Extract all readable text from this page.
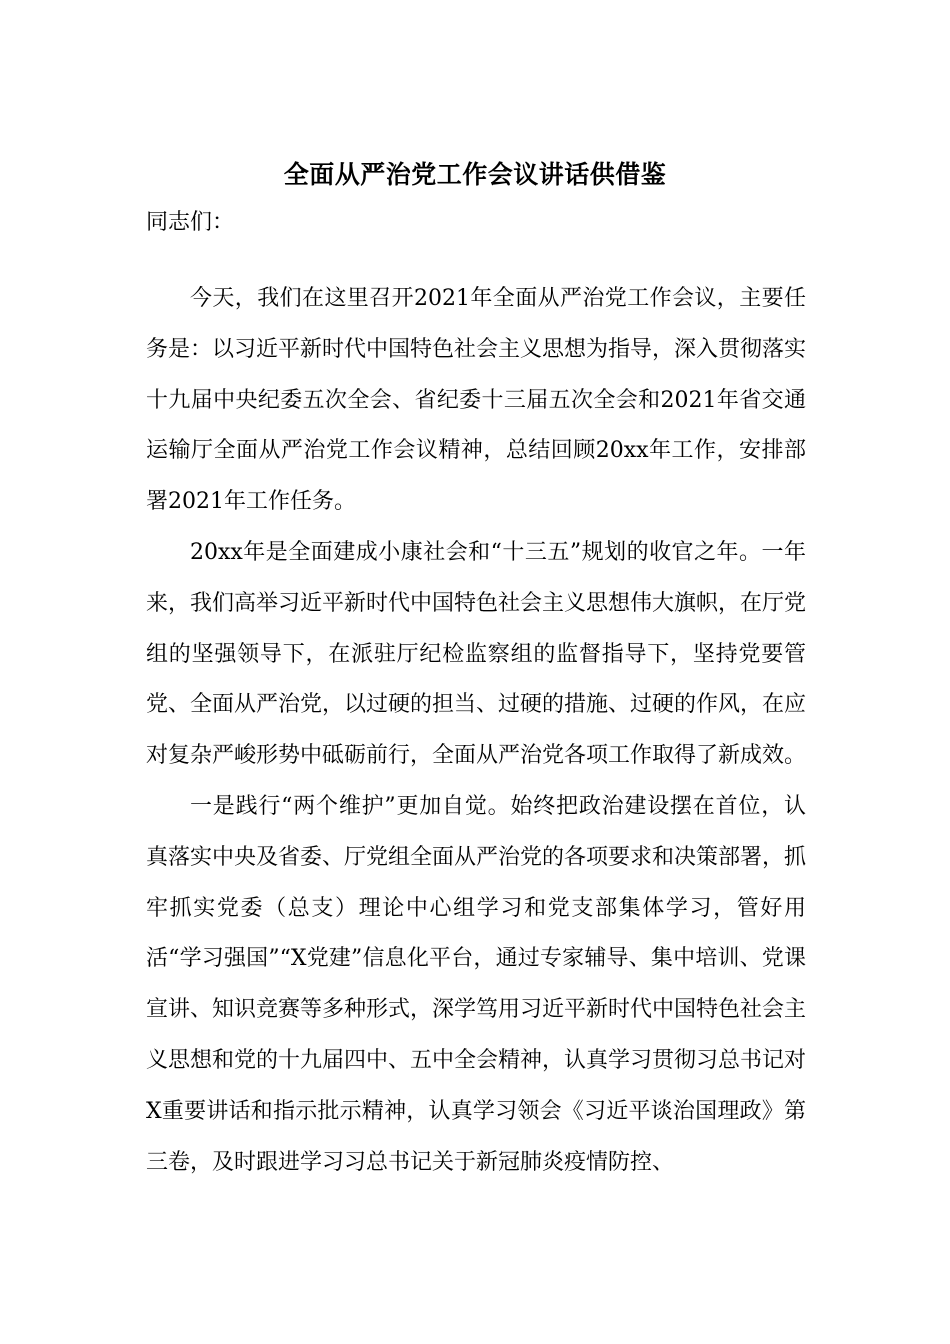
全面从严治党工作会议讲话供借鉴

同志们：

今天，我们在这里召开2021年全面从严治党工作会议，主要任务是：以习近平新时代中国特色社会主义思想为指导，深入贯彻落实十九届中央纪委五次全会、省纪委十三届五次全会和2021年省交通运输厅全面从严治党工作会议精神，总结回顾20xx年工作，安排部署2021年工作任务。

20xx年是全面建成小康社会和“十三五”规划的收官之年。一年来，我们高举习近平新时代中国特色社会主义思想伟大旗帜，在厅党组的坚强领导下，在派驻厅纪检监察组的监督指导下，坚持党要管党、全面从严治党，以过硬的担当、过硬的措施、过硬的作风，在应对复杂严峻形势中砥砺前行，全面从严治党各项工作取得了新成效。

一是践行“两个维护”更加自觉。始终把政治建设摆在首位，认真落实中央及省委、厅党组全面从严治党的各项要求和决策部署，抓牢抓实党委（总支）理论中心组学习和党支部集体学习，管好用活“学习强国”“X党建”信息化平台，通过专家辅导、集中培训、党课宣讲、知识竞赛等多种形式，深学笃用习近平新时代中国特色社会主义思想和党的十九届四中、五中全会精神，认真学习贯彻习总书记对X重要讲话和指示批示精神，认真学习领会《习近平谈治国理政》第三卷，及时跟进学习习总书记关于新冠肺炎疫情防控、
